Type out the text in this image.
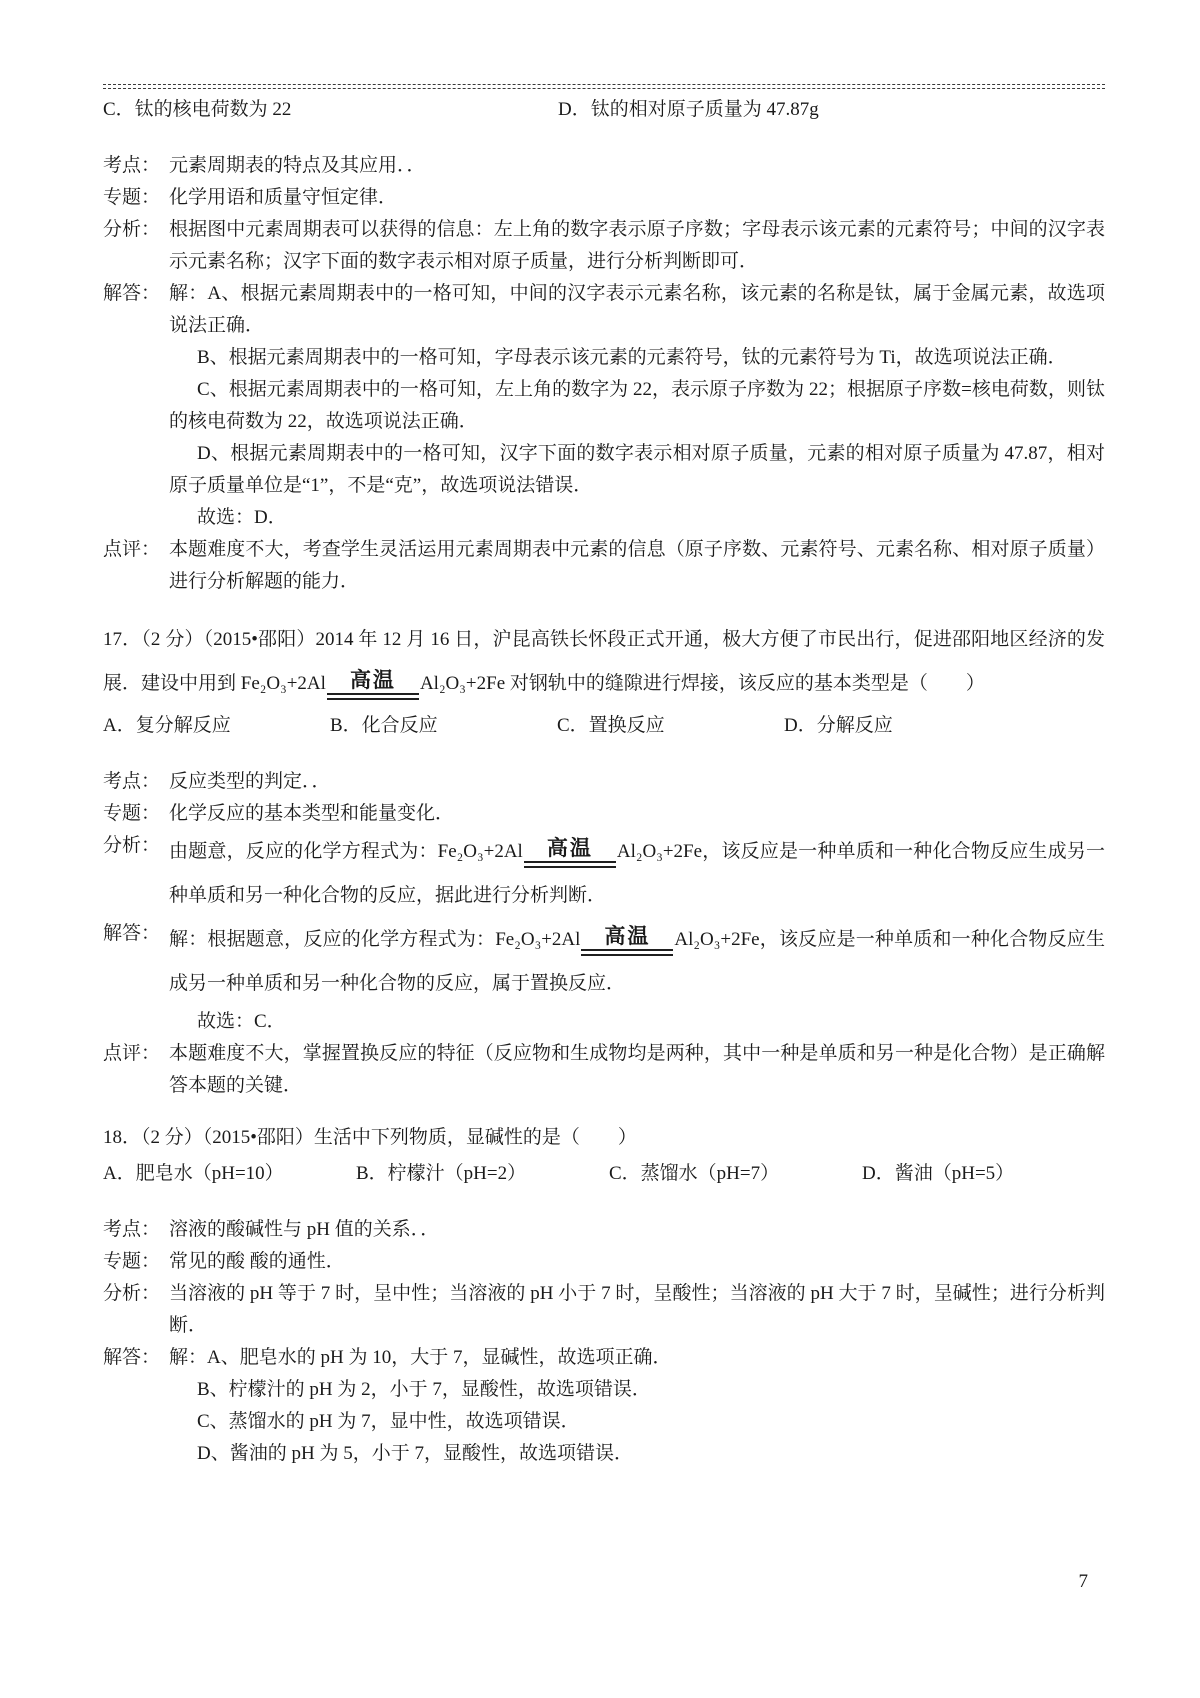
C．钛的核电荷数为 22	D．钛的相对原子质量为 47.87g
考点： 元素周期表的特点及其应用．．

专题： 化学用语和质量守恒定律．

分析： 根据图中元素周期表可以获得的信息：左上角的数字表示原子序数；字母表示该元素的元素符号；中间的汉字表示元素名称；汉字下面的数字表示相对原子质量，进行分析判断即可．

解答： 解：A、根据元素周期表中的一格可知，中间的汉字表示元素名称，该元素的名称是钛，属于金属元素，故选项说法正确．

B、根据元素周期表中的一格可知，字母表示该元素的元素符号，钛的元素符号为 Ti，故选项说法正确．

C、根据元素周期表中的一格可知，左上角的数字为 22，表示原子序数为 22；根据原子序数=核电荷数，则钛的核电荷数为 22，故选项说法正确．

D、根据元素周期表中的一格可知，汉字下面的数字表示相对原子质量，元素的相对原子质量为 47.87，相对原子质量单位是“1”，不是“克”，故选项说法错误．

故选：D．

点评： 本题难度不大，考查学生灵活运用元素周期表中元素的信息（原子序数、元素符号、元素名称、相对原子质量）进行分析解题的能力．

17．（2 分）（2015•邵阳）2014 年 12 月 16 日，沪昆高铁长怀段正式开通，极大方便了市民出行，促进邵阳地区经济的发展．建设中用到 Fe₂O₃+2Al 高温 Al₂O₃+2Fe 对钢轨中的缝隙进行焊接，该反应的基本类型是（　　）

A．复分解反应	B．化合反应	C．置换反应	D．分解反应
考点： 反应类型的判定．．

专题： 化学反应的基本类型和能量变化．

分析： 由题意，反应的化学方程式为：Fe₂O₃+2Al 高温 Al₂O₃+2Fe，该反应是一种单质和一种化合物反应生成另一种单质和另一种化合物的反应，据此进行分析判断．

解答： 解：根据题意，反应的化学方程式为：Fe₂O₃+2Al 高温 Al₂O₃+2Fe，该反应是一种单质和一种化合物反应生成另一种单质和另一种化合物的反应，属于置换反应．

故选：C．

点评： 本题难度不大，掌握置换反应的特征（反应物和生成物均是两种，其中一种是单质和另一种是化合物）是正确解答本题的关键．

18．（2 分）（2015•邵阳）生活中下列物质，显碱性的是（　　）

A．肥皂水（pH=10）	B．柠檬汁（pH=2）	C．蒸馏水（pH=7）	D．酱油（pH=5）
考点： 溶液的酸碱性与 pH 值的关系．．

专题： 常见的酸 酸的通性．

分析： 当溶液的 pH 等于 7 时，呈中性；当溶液的 pH 小于 7 时，呈酸性；当溶液的 pH 大于 7 时，呈碱性；进行分析判断．

解答： 解：A、肥皂水的 pH 为 10，大于 7，显碱性，故选项正确．

B、柠檬汁的 pH 为 2，小于 7，显酸性，故选项错误．

C、蒸馏水的 pH 为 7，显中性，故选项错误．

D、酱油的 pH 为 5，小于 7，显酸性，故选项错误．

7
